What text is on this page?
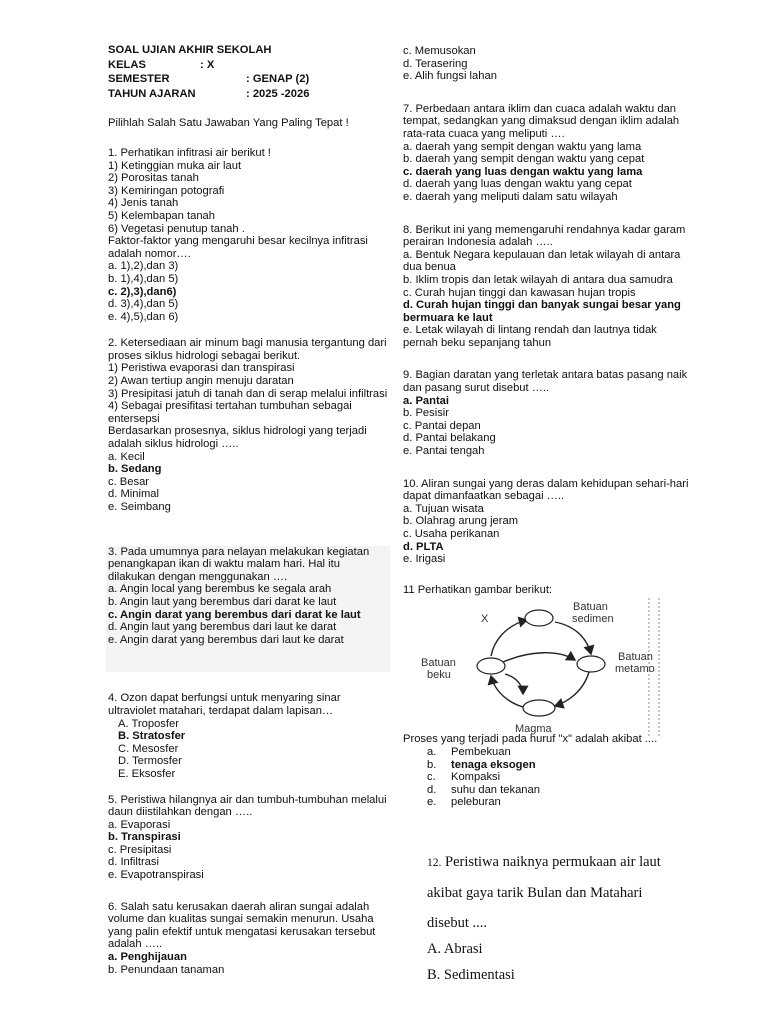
SOAL UJIAN AKHIR SEKOLAH
KELAS	: X
SEMESTER	: GENAP (2)
TAHUN AJARAN	: 2025 -2026
Pilihlah Salah Satu Jawaban Yang Paling Tepat !
1. Perhatikan infitrasi air berikut !
1) Ketinggian muka air laut
2) Porositas tanah
3) Kemiringan potografi
4) Jenis tanah
5) Kelembapan tanah
6) Vegetasi penutup tanah .
Faktor-faktor yang mengaruhi besar kecilnya infitrasi adalah nomor….
a. 1),2),dan 3)
b. 1),4),dan 5)
c. 2),3),dan6)
d. 3),4),dan 5)
e. 4),5),dan 6)
2. Ketersediaan air minum bagi manusia tergantung dari proses siklus hidrologi sebagai berikut.
1) Peristiwa evaporasi dan transpirasi
2) Awan tertiup angin menuju daratan
3) Presipitasi jatuh di tanah dan di serap melalui infiltrasi
4) Sebagai presifitasi tertahan tumbuhan sebagai entersepsi
Berdasarkan prosesnya, siklus hidrologi yang terjadi adalah siklus hidrologi …..
a. Kecil
b. Sedang
c. Besar
d. Minimal
e. Seimbang
3. Pada umumnya para nelayan melakukan kegiatan penangkapan ikan di waktu malam hari. Hal itu dilakukan dengan menggunakan ….
a. Angin local yang berembus ke segala arah
b. Angin laut yang berembus dari darat ke laut
c. Angin darat yang berembus dari darat ke laut
d. Angin laut yang berembus dari laut ke darat
e. Angin darat yang berembus dari laut ke darat
4. Ozon dapat berfungsi untuk menyaring sinar ultraviolet matahari, terdapat dalam lapisan…
A. Troposfer
B. Stratosfer
C. Mesosfer
D. Termosfer
E. Eksosfer
5. Peristiwa hilangnya air dan tumbuh-tumbuhan melalui daun diistilahkan dengan …..
a. Evaporasi
b. Transpirasi
c. Presipitasi
d. Infiltrasi
e. Evapotranspirasi
6. Salah satu kerusakan daerah aliran sungai adalah volume dan kualitas sungai semakin menurun. Usaha yang palin efektif untuk mengatasi kerusakan tersebut adalah …..
a. Penghijauan
b. Penundaan tanaman
c. Memusokan
d. Terasering
e. Alih fungsi lahan
7. Perbedaan antara iklim dan cuaca adalah waktu dan tempat, sedangkan yang dimaksud dengan iklim adalah rata-rata cuaca yang meliputi ….
a. daerah yang sempit dengan waktu yang lama
b. daerah yang sempit dengan waktu yang cepat
c. daerah yang luas dengan waktu yang lama
d. daerah yang luas dengan waktu yang cepat
e. daerah yang meliputi dalam satu wilayah
8. Berikut ini yang memengaruhi rendahnya kadar garam perairan Indonesia adalah …..
a. Bentuk Negara kepulauan dan letak wilayah di antara dua benua
b. Iklim tropis dan letak wilayah di antara dua samudra
c. Curah hujan tinggi dan kawasan hujan tropis
d. Curah hujan tinggi dan banyak sungai besar yang bermuara ke laut
e. Letak wilayah di lintang rendah dan lautnya tidak pernah beku sepanjang tahun
9. Bagian daratan yang terletak antara batas pasang naik dan pasang surut disebut …..
a. Pantai
b. Pesisir
c. Pantai depan
d. Pantai belakang
e. Pantai tengah
10. Aliran sungai yang deras dalam kehidupan sehari-hari dapat dimanfaatkan sebagai …..
a. Tujuan wisata
b. Olahrag arung jeram
c. Usaha perikanan
d. PLTA
e. Irigasi
11 Perhatikan gambar berikut:
X
Batuan
sedimen
Batuan
metamo
Batuan
beku
Magma
Proses yang terjadi pada huruf "x" adalah akibat ....
a.	Pembekuan
b.	tenaga eksogen
c.	Kompaksi
d.	suhu dan tekanan
e.	peleburan
12. Peristiwa naiknya permukaan air laut
akibat gaya tarik Bulan dan Matahari
disebut ....
A. Abrasi
B. Sedimentasi
